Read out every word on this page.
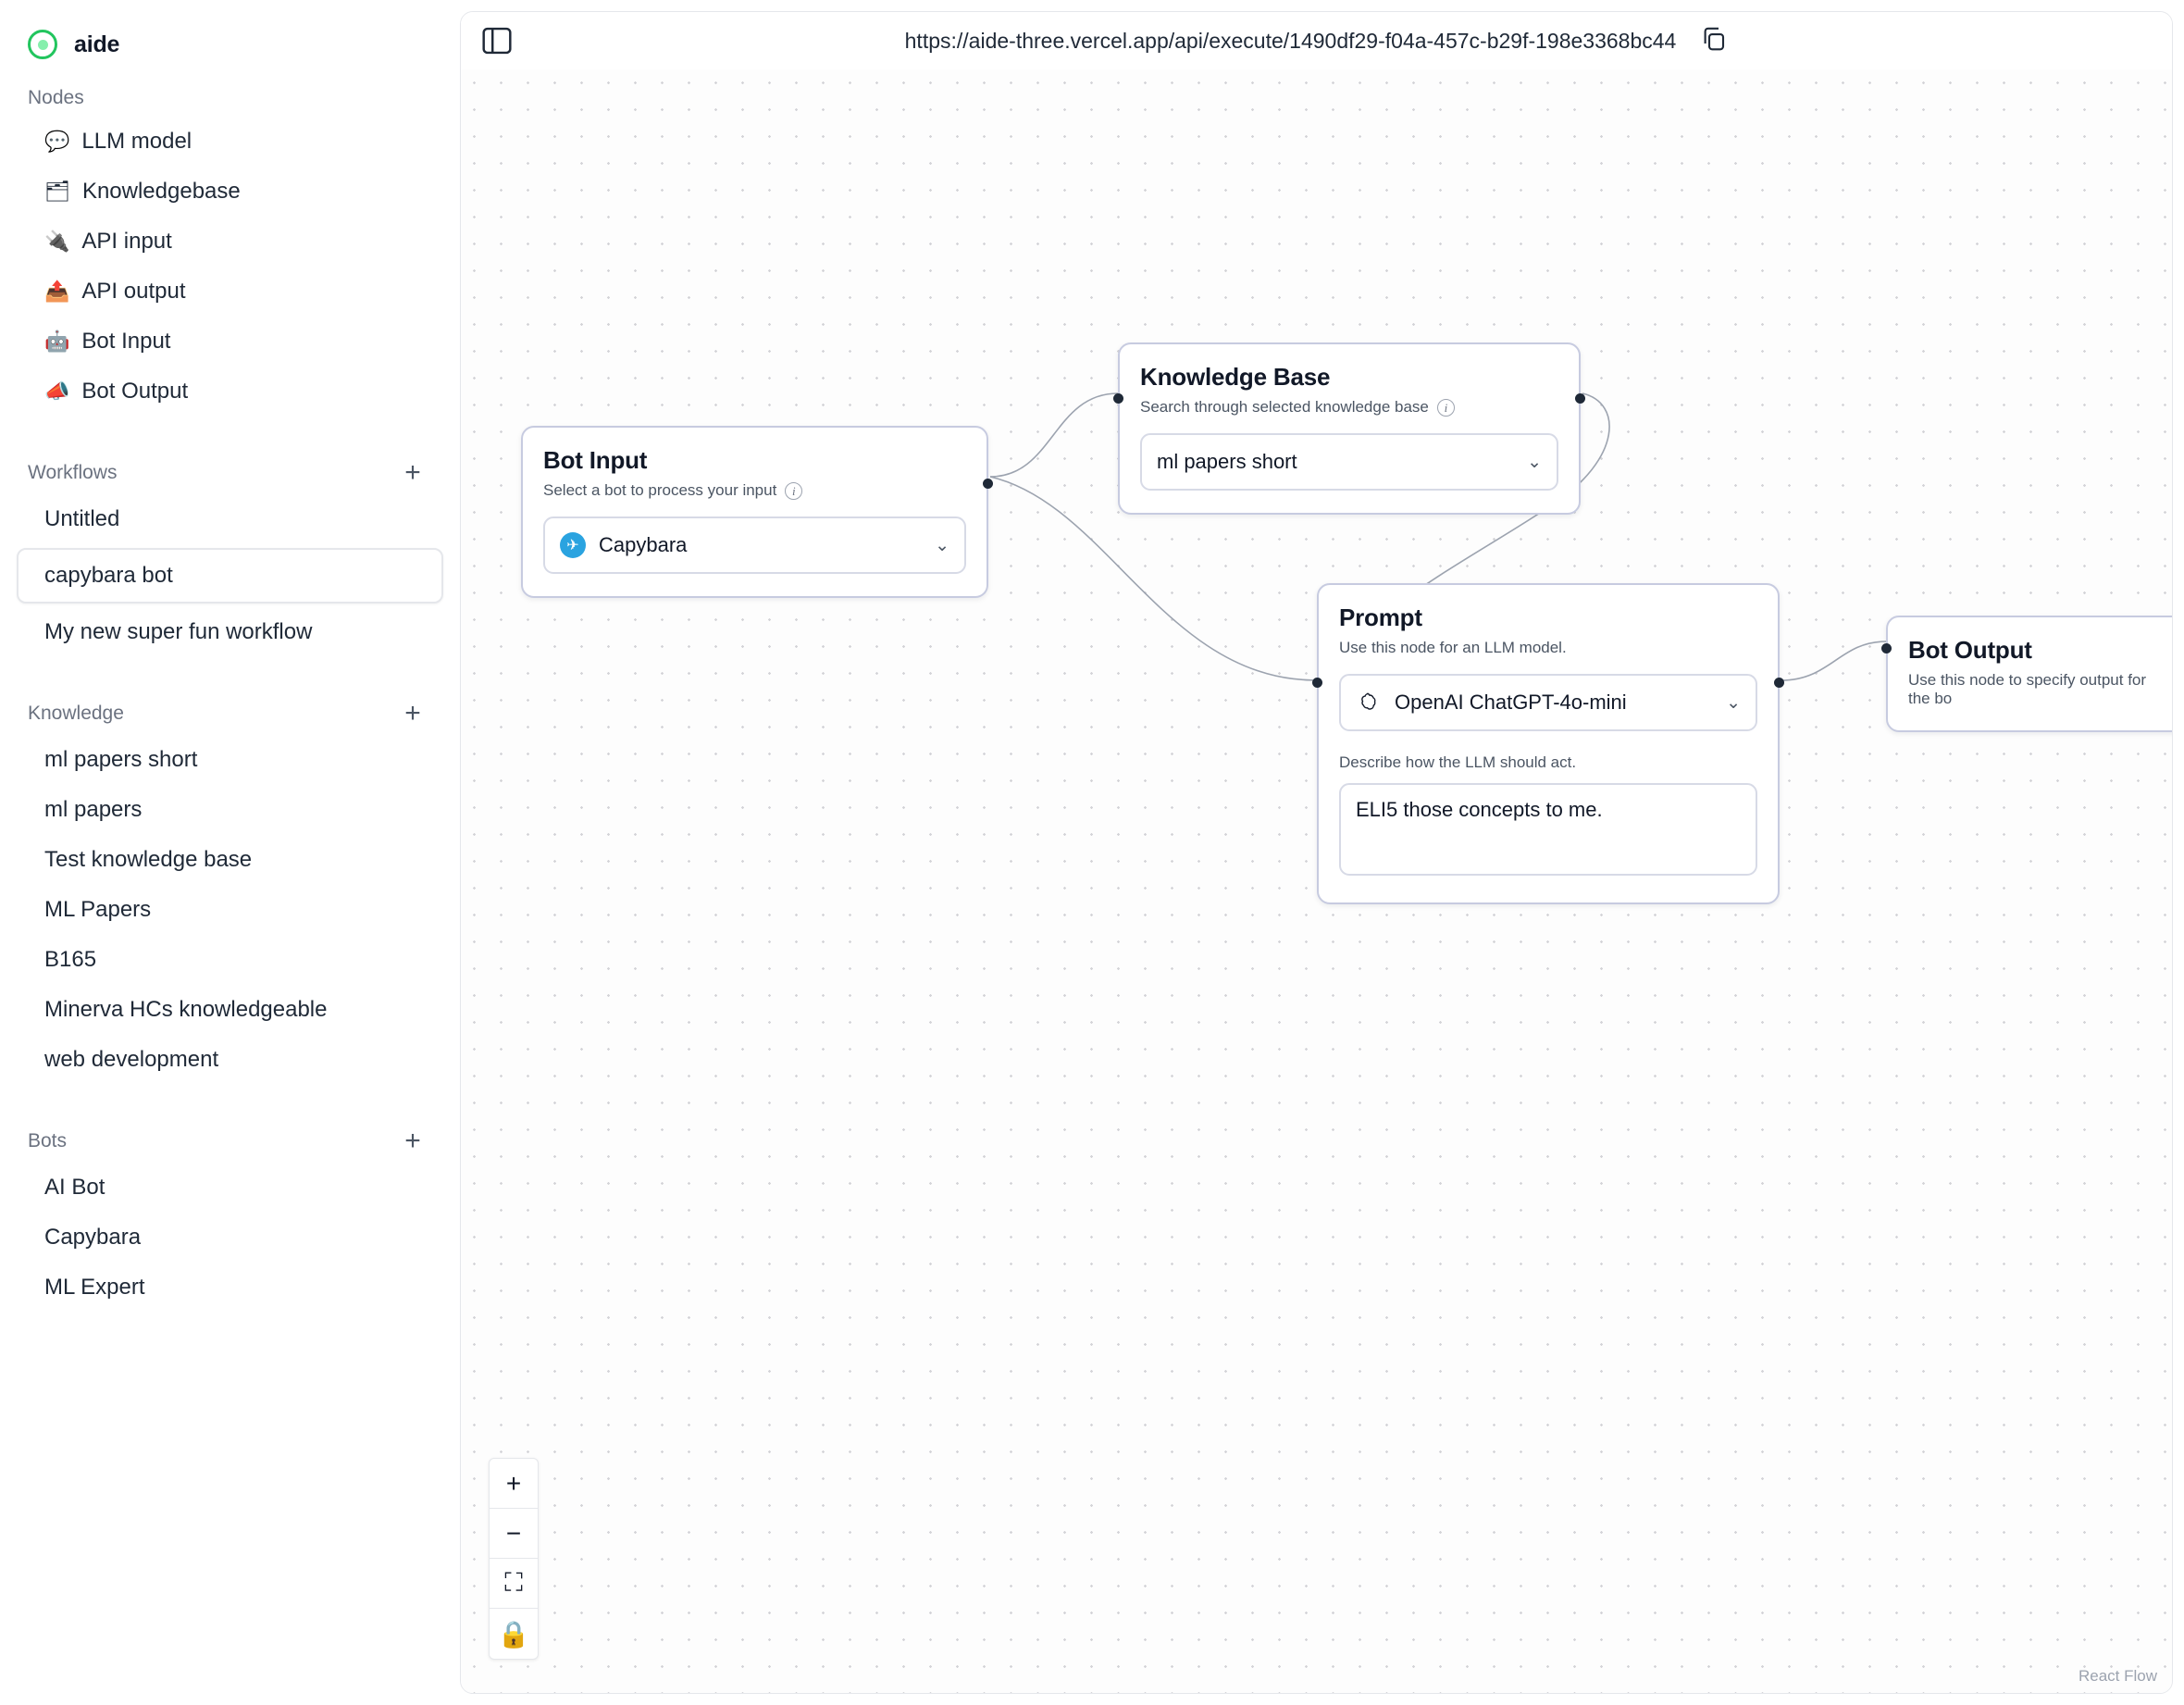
aide
Nodes
💬 LLM model
🗂 Knowledgebase
🔌 API input
📤 API output
🤖 Bot Input
📣 Bot Output
Workflows	+
Untitled
capybara bot
My new super fun workflow
Knowledge	+
ml papers short
ml papers
Test knowledge base
ML Papers
B165
Minerva HCs knowledgeable
web development
Bots	+
AI Bot
Capybara
ML Expert
https://aide-three.vercel.app/api/execute/1490df29-f04a-457c-b29f-198e3368bc44
Bot Input
Select a bot to process your input	i
✈ Capybara	⌄
Knowledge Base
Search through selected knowledge base	i
ml papers short	⌄
Prompt
Use this node for an LLM model.
OpenAI ChatGPT-4o-mini	⌄
Describe how the LLM should act.
ELI5 those concepts to me.
Bot Output
Use this node to specify output for the bo
+
−
⛶
🔒
React Flow
